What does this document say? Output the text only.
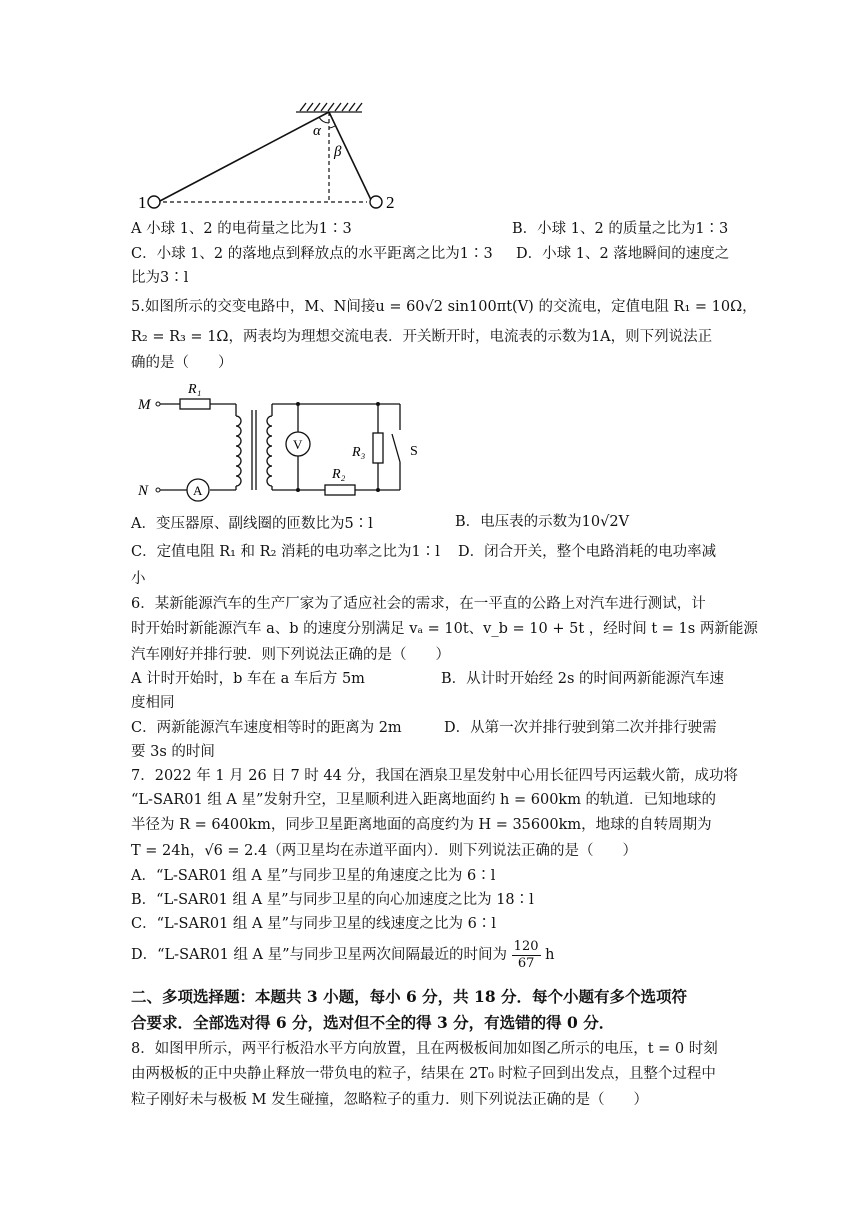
α
β
1	2
A 小球 1、2 的电荷量之比为1∶3	B．小球 1、2 的质量之比为1∶3
C．小球 1、2 的落地点到释放点的水平距离之比为1∶3 D．小球 1、2 落地瞬间的速度之
比为3∶l
5.如图所示的交变电路中，M、N间接u = 60√2 sin100πt(V) 的交流电，定值电阻 R₁ = 10Ω，
R₂ = R₃ = 1Ω，两表均为理想交流电表．开关断开时，电流表的示数为1A，则下列说法正
确的是（　　）
M
N
R₁
R₂
R₃
V
A
S
A．变压器原、副线圈的匝数比为5∶l	B．电压表的示数为10√2V
C．定值电阻 R₁ 和 R₂ 消耗的电功率之比为1∶l D．闭合开关，整个电路消耗的电功率减
小
6．某新能源汽车的生产厂家为了适应社会的需求，在一平直的公路上对汽车进行测试，计
时开始时新能源汽车 a、b 的速度分别满足 vₐ = 10t、v_b = 10 + 5t ，经时间 t = 1s 两新能源
汽车刚好并排行驶．则下列说法正确的是（　　）
A 计时开始时，b 车在 a 车后方 5m	B．从计时开始经 2s 的时间两新能源汽车速
度相同
C．两新能源汽车速度相等时的距离为 2m	D．从第一次并排行驶到第二次并排行驶需
要 3s 的时间
7．2022 年 1 月 26 日 7 时 44 分，我国在酒泉卫星发射中心用长征四号丙运载火箭，成功将
“L-SAR01 组 A 星”发射升空，卫星顺利进入距离地面约 h = 600km 的轨道．已知地球的
半径为 R = 6400km，同步卫星距离地面的高度约为 H = 35600km，地球的自转周期为
T = 24h，√6 = 2.4（两卫星均在赤道平面内）．则下列说法正确的是（　　）
A．“L-SAR01 组 A 星”与同步卫星的角速度之比为 6∶l
B．“L-SAR01 组 A 星”与同步卫星的向心加速度之比为 18∶l
C．“L-SAR01 组 A 星”与同步卫星的线速度之比为 6∶l
D．“L-SAR01 组 A 星”与同步卫星两次间隔最近的时间为 $\frac{120}{67}$ h
二、多项选择题：本题共 3 小题，每小 6 分，共 18 分．每个小题有多个选项符
合要求．全部选对得 6 分，选对但不全的得 3 分，有选错的得 0 分．
8．如图甲所示，两平行板沿水平方向放置，且在两极板间加如图乙所示的电压，t = 0 时刻
由两极板的正中央静止释放一带负电的粒子，结果在 2T₀ 时粒子回到出发点，且整个过程中
粒子刚好未与极板 M 发生碰撞，忽略粒子的重力．则下列说法正确的是（　　）
